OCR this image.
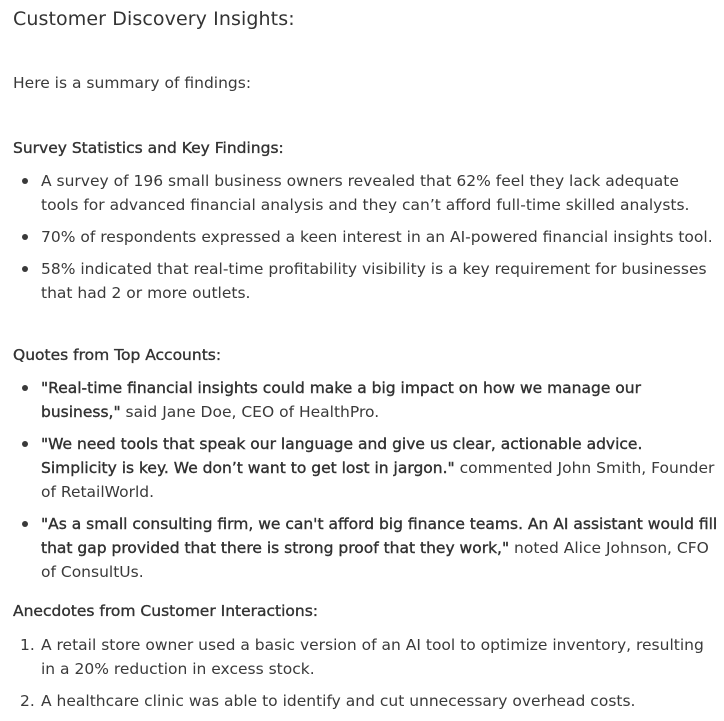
Customer Discovery Insights:

Here is a summary of findings:

Survey Statistics and Key Findings:
A survey of 196 small business owners revealed that 62% feel they lack adequate tools for advanced financial analysis and they can’t afford full-time skilled analysts.
70% of respondents expressed a keen interest in an AI-powered financial insights tool.
58% indicated that real-time profitability visibility is a key requirement for businesses that had 2 or more outlets.
Quotes from Top Accounts:
"Real-time financial insights could make a big impact on how we manage our business," said Jane Doe, CEO of HealthPro.
"We need tools that speak our language and give us clear, actionable advice. Simplicity is key. We don’t want to get lost in jargon." commented John Smith, Founder of RetailWorld.
"As a small consulting firm, we can't afford big finance teams. An AI assistant would fill that gap provided that there is strong proof that they work," noted Alice Johnson, CFO of ConsultUs.
Anecdotes from Customer Interactions:
1. A retail store owner used a basic version of an AI tool to optimize inventory, resulting in a 20% reduction in excess stock.
2. A healthcare clinic was able to identify and cut unnecessary overhead costs.
